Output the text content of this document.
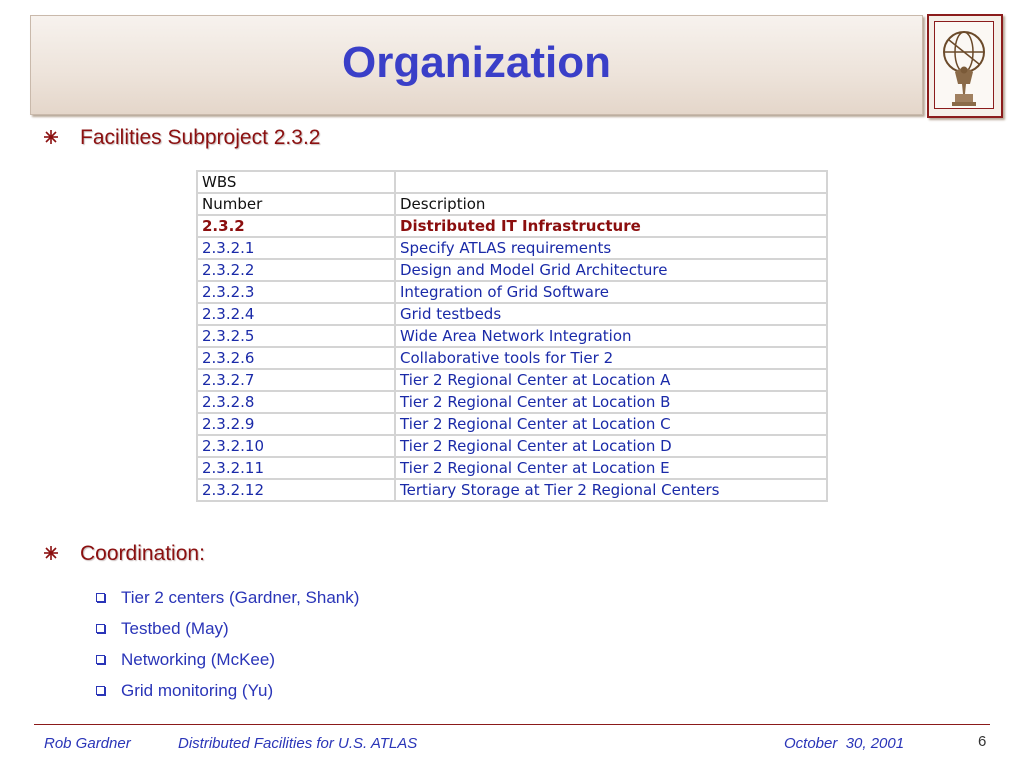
Organization
Facilities Subproject 2.3.2
WBS	
Number	Description
2.3.2	Distributed IT Infrastructure
2.3.2.1	Specify ATLAS requirements
2.3.2.2	Design and Model Grid Architecture
2.3.2.3	Integration of Grid Software
2.3.2.4	Grid testbeds
2.3.2.5	Wide Area Network Integration
2.3.2.6	Collaborative tools for Tier 2
2.3.2.7	Tier 2 Regional Center at Location A
2.3.2.8	Tier 2 Regional Center at Location B
2.3.2.9	Tier 2 Regional Center at Location C
2.3.2.10	Tier 2 Regional Center at Location D
2.3.2.11	Tier 2 Regional Center at Location E
2.3.2.12	Tertiary Storage at Tier 2 Regional Centers
Coordination:
Tier 2 centers (Gardner, Shank)
Testbed (May)
Networking (McKee)
Grid monitoring (Yu)
Rob Gardner	Distributed Facilities for U.S. ATLAS	October  30, 2001	6
